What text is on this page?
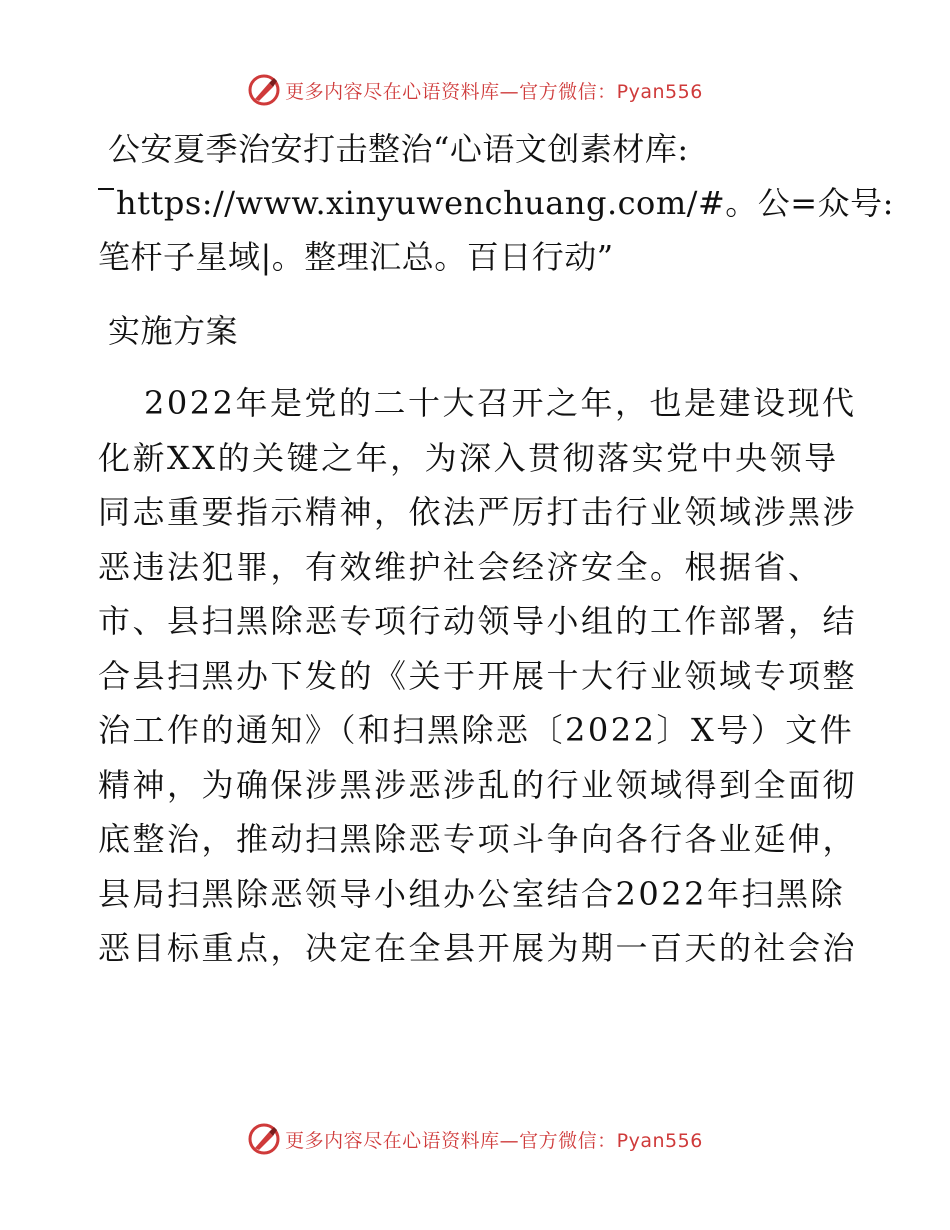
更多内容尽在心语资料库—官方微信：Pyan556
公安夏季治安打击整治“心语文创素材库:
https://www.xinyuwenchuang.com/#。公=众号:
笔杆子星域|。整理汇总。百日行动”
实施方案
2022年是党的二十大召开之年，也是建设现代
化新XX的关键之年，为深入贯彻落实党中央领导
同志重要指示精神，依法严厉打击行业领域涉黑涉
恶违法犯罪，有效维护社会经济安全。根据省、
市、县扫黑除恶专项行动领导小组的工作部署，结
合县扫黑办下发的《关于开展十大行业领域专项整
治工作的通知》（和扫黑除恶〔2022〕X号）文件
精神，为确保涉黑涉恶涉乱的行业领域得到全面彻
底整治，推动扫黑除恶专项斗争向各行各业延伸，
县局扫黑除恶领导小组办公室结合2022年扫黑除
恶目标重点，决定在全县开展为期一百天的社会治
更多内容尽在心语资料库—官方微信：Pyan556
